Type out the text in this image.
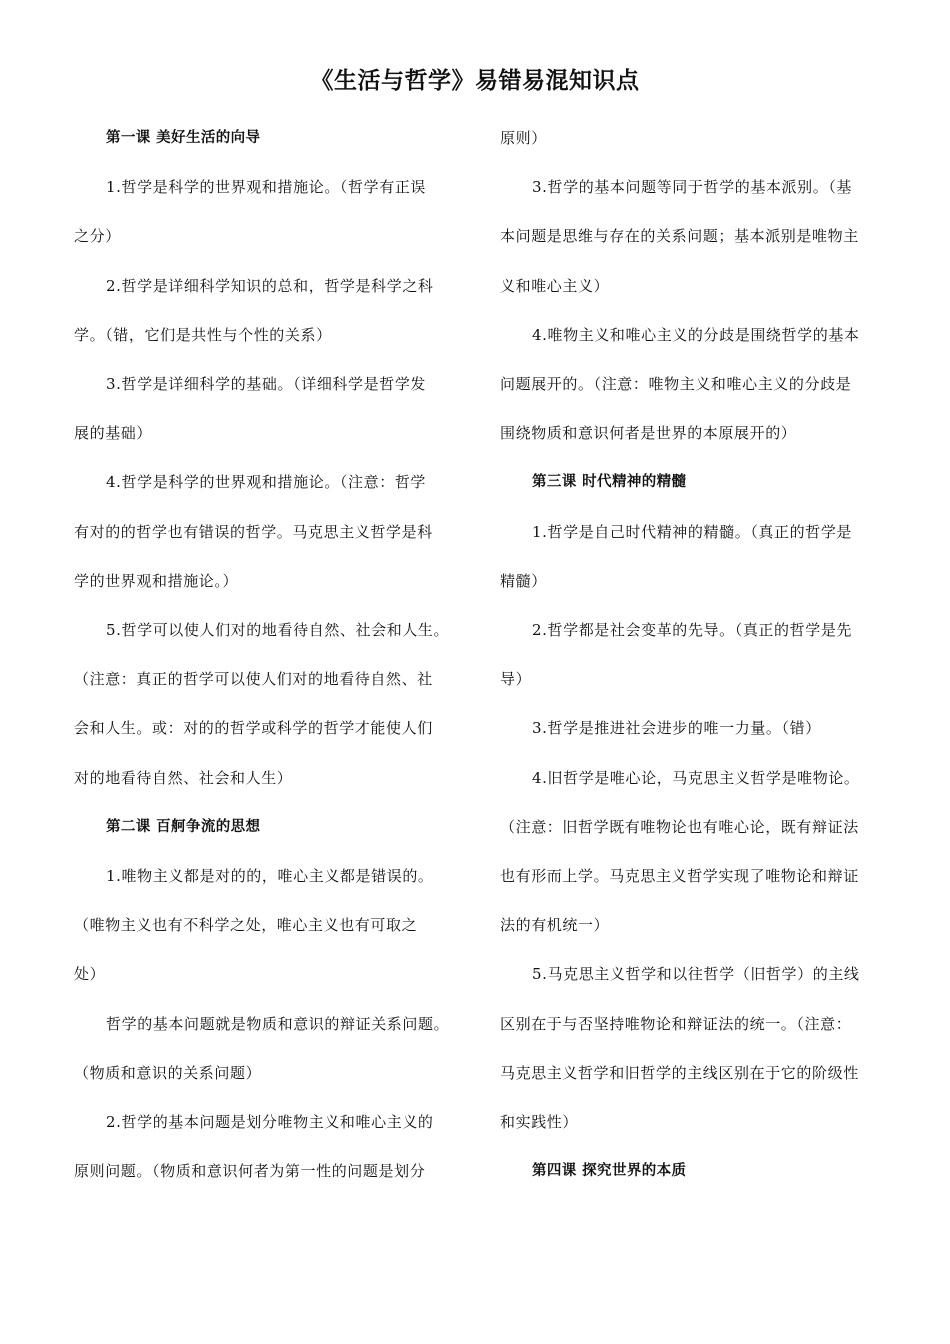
《生活与哲学》易错易混知识点
第一课 美好生活的向导
1.哲学是科学的世界观和措施论。（哲学有正误
之分）
2.哲学是详细科学知识的总和，哲学是科学之科
学。（错，它们是共性与个性的关系）
3.哲学是详细科学的基础。（详细科学是哲学发
展的基础）
4.哲学是科学的世界观和措施论。（注意：哲学
有对的的哲学也有错误的哲学。马克思主义哲学是科
学的世界观和措施论。）
5.哲学可以使人们对的地看待自然、社会和人生。
（注意：真正的哲学可以使人们对的地看待自然、社
会和人生。或：对的的哲学或科学的哲学才能使人们
对的地看待自然、社会和人生）
第二课 百舸争流的思想
1.唯物主义都是对的的，唯心主义都是错误的。
（唯物主义也有不科学之处，唯心主义也有可取之
处）
哲学的基本问题就是物质和意识的辩证关系问题。
（物质和意识的关系问题）
2.哲学的基本问题是划分唯物主义和唯心主义的
原则问题。（物质和意识何者为第一性的问题是划分
原则）
3.哲学的基本问题等同于哲学的基本派别。（基
本问题是思维与存在的关系问题；基本派别是唯物主
义和唯心主义）
4.唯物主义和唯心主义的分歧是围绕哲学的基本
问题展开的。（注意：唯物主义和唯心主义的分歧是
围绕物质和意识何者是世界的本原展开的）
第三课 时代精神的精髓
1.哲学是自己时代精神的精髓。（真正的哲学是
精髓）
2.哲学都是社会变革的先导。（真正的哲学是先
导）
3.哲学是推进社会进步的唯一力量。（错）
4.旧哲学是唯心论，马克思主义哲学是唯物论。
（注意：旧哲学既有唯物论也有唯心论，既有辩证法
也有形而上学。马克思主义哲学实现了唯物论和辩证
法的有机统一）
5.马克思主义哲学和以往哲学（旧哲学）的主线
区别在于与否坚持唯物论和辩证法的统一。（注意：
马克思主义哲学和旧哲学的主线区别在于它的阶级性
和实践性）
第四课 探究世界的本质
